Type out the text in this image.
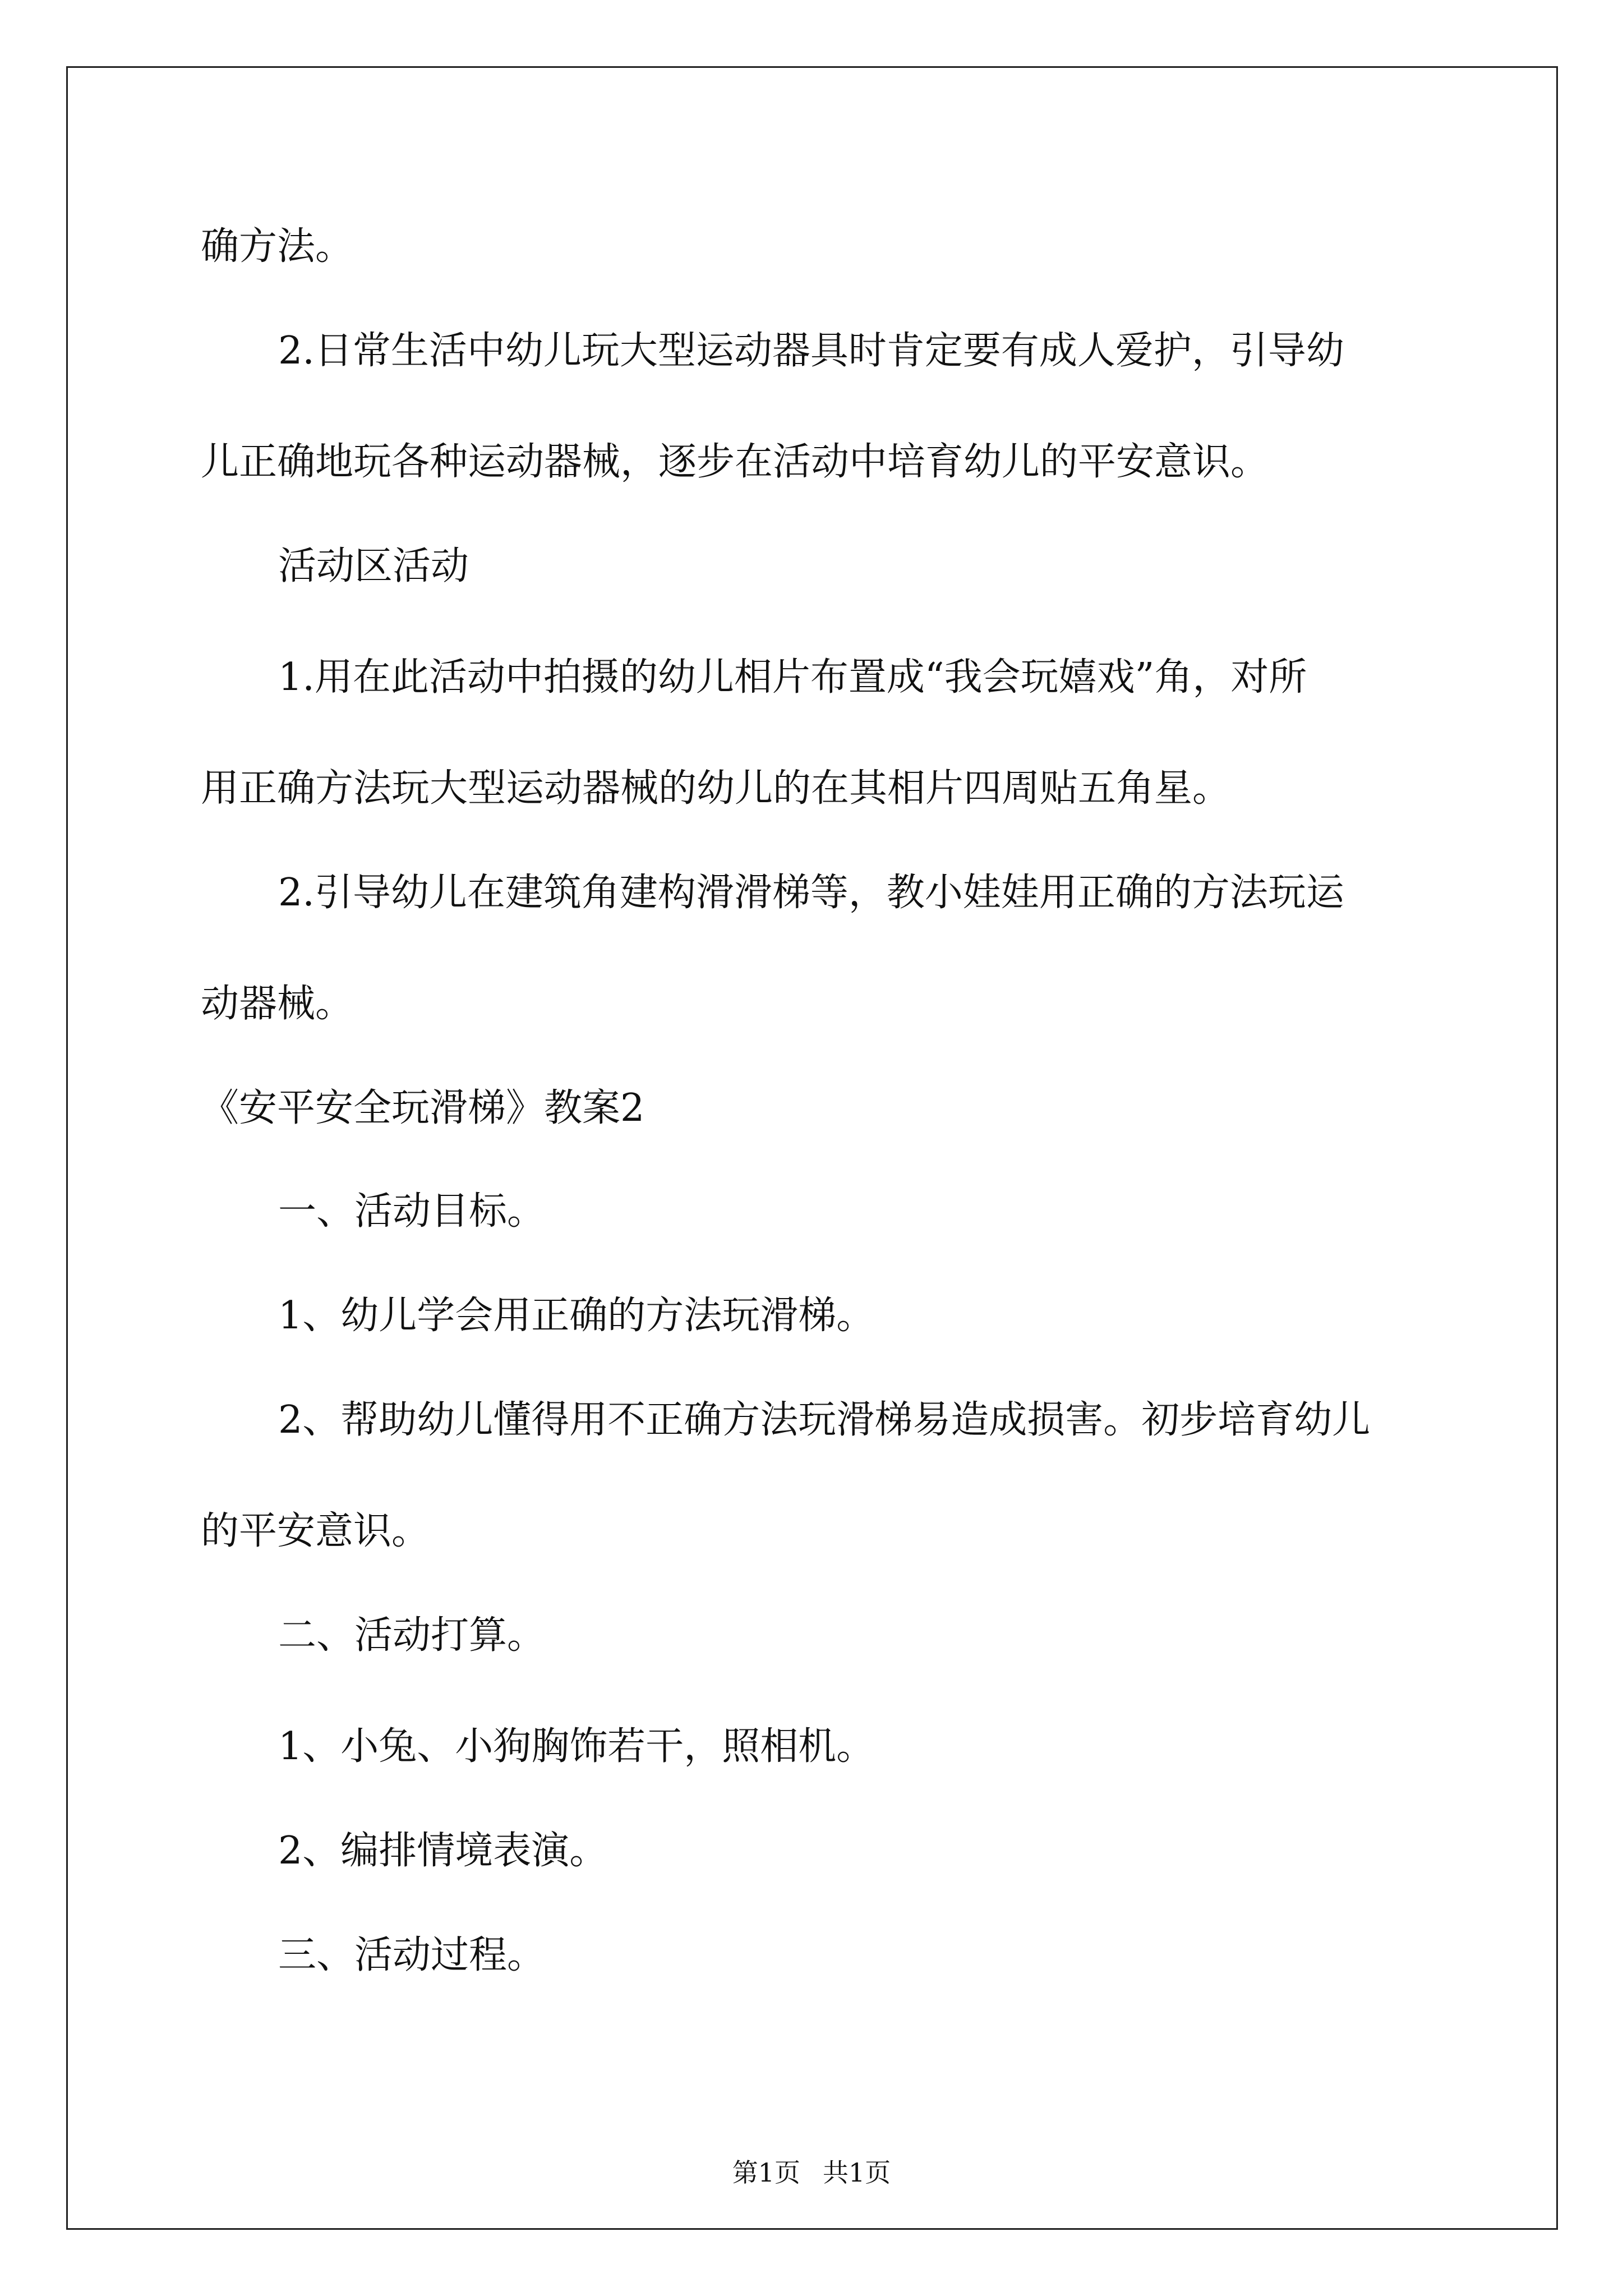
确方法。
2.日常生活中幼儿玩大型运动器具时肯定要有成人爱护，引导幼
儿正确地玩各种运动器械，逐步在活动中培育幼儿的平安意识。
活动区活动
1.用在此活动中拍摄的幼儿相片布置成“我会玩嬉戏”角，对所
用正确方法玩大型运动器械的幼儿的在其相片四周贴五角星。
2.引导幼儿在建筑角建构滑滑梯等，教小娃娃用正确的方法玩运
动器械。
《安平安全玩滑梯》教案2
一、活动目标。
1、幼儿学会用正确的方法玩滑梯。
2、帮助幼儿懂得用不正确方法玩滑梯易造成损害。初步培育幼儿
的平安意识。
二、活动打算。
1、小兔、小狗胸饰若干，照相机。
2、编排情境表演。
三、活动过程。
第1页 共1页
